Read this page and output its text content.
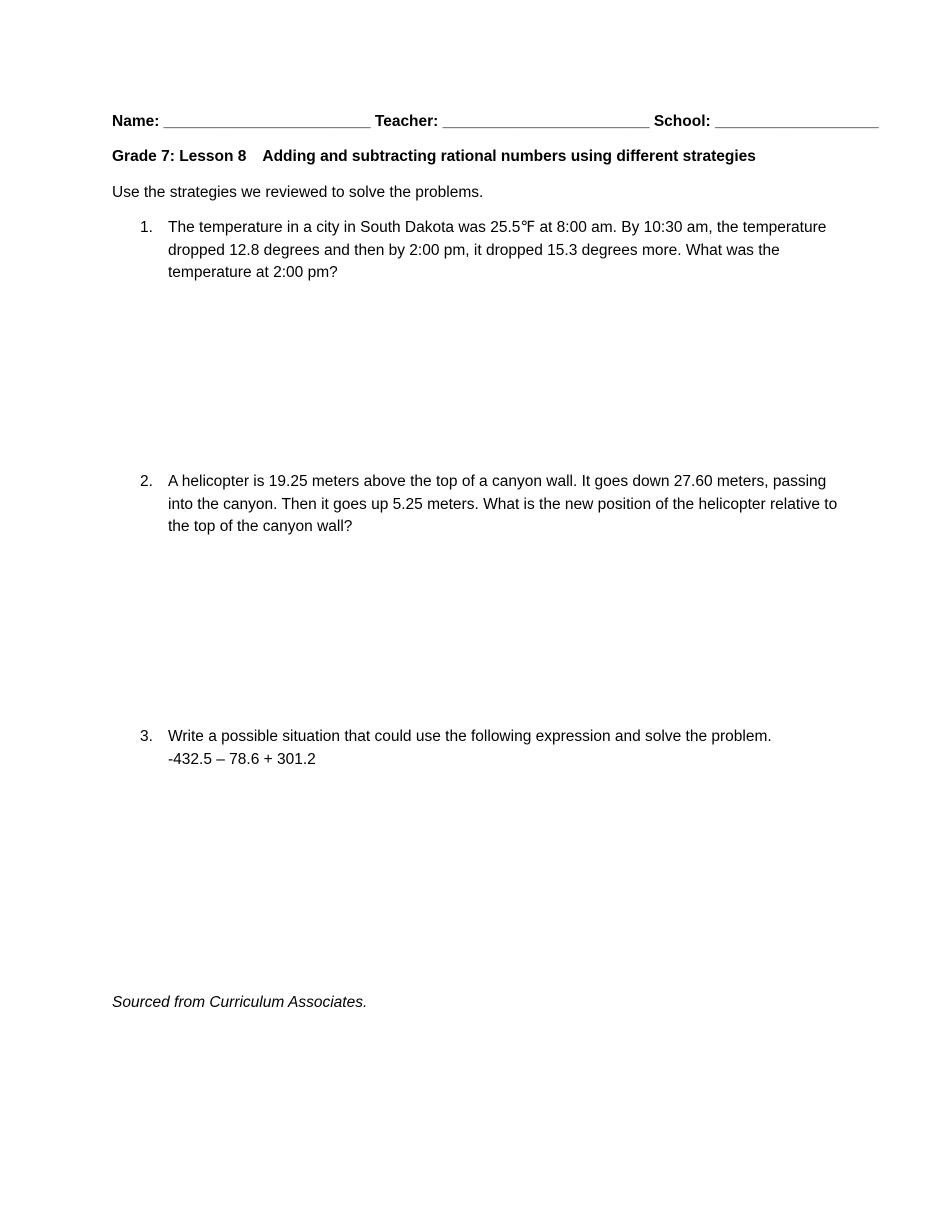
Name: ________________________ Teacher: ________________________ School: ___________________
Grade 7: Lesson 8 Adding and subtracting rational numbers using different strategies
Use the strategies we reviewed to solve the problems.
1. The temperature in a city in South Dakota was 25.5℉ at 8:00 am. By 10:30 am, the temperature dropped 12.8 degrees and then by 2:00 pm, it dropped 15.3 degrees more. What was the temperature at 2:00 pm?
2. A helicopter is 19.25 meters above the top of a canyon wall. It goes down 27.60 meters, passing into the canyon. Then it goes up 5.25 meters. What is the new position of the helicopter relative to the top of the canyon wall?
3. Write a possible situation that could use the following expression and solve the problem.
-432.5 – 78.6 + 301.2
Sourced from Curriculum Associates.
